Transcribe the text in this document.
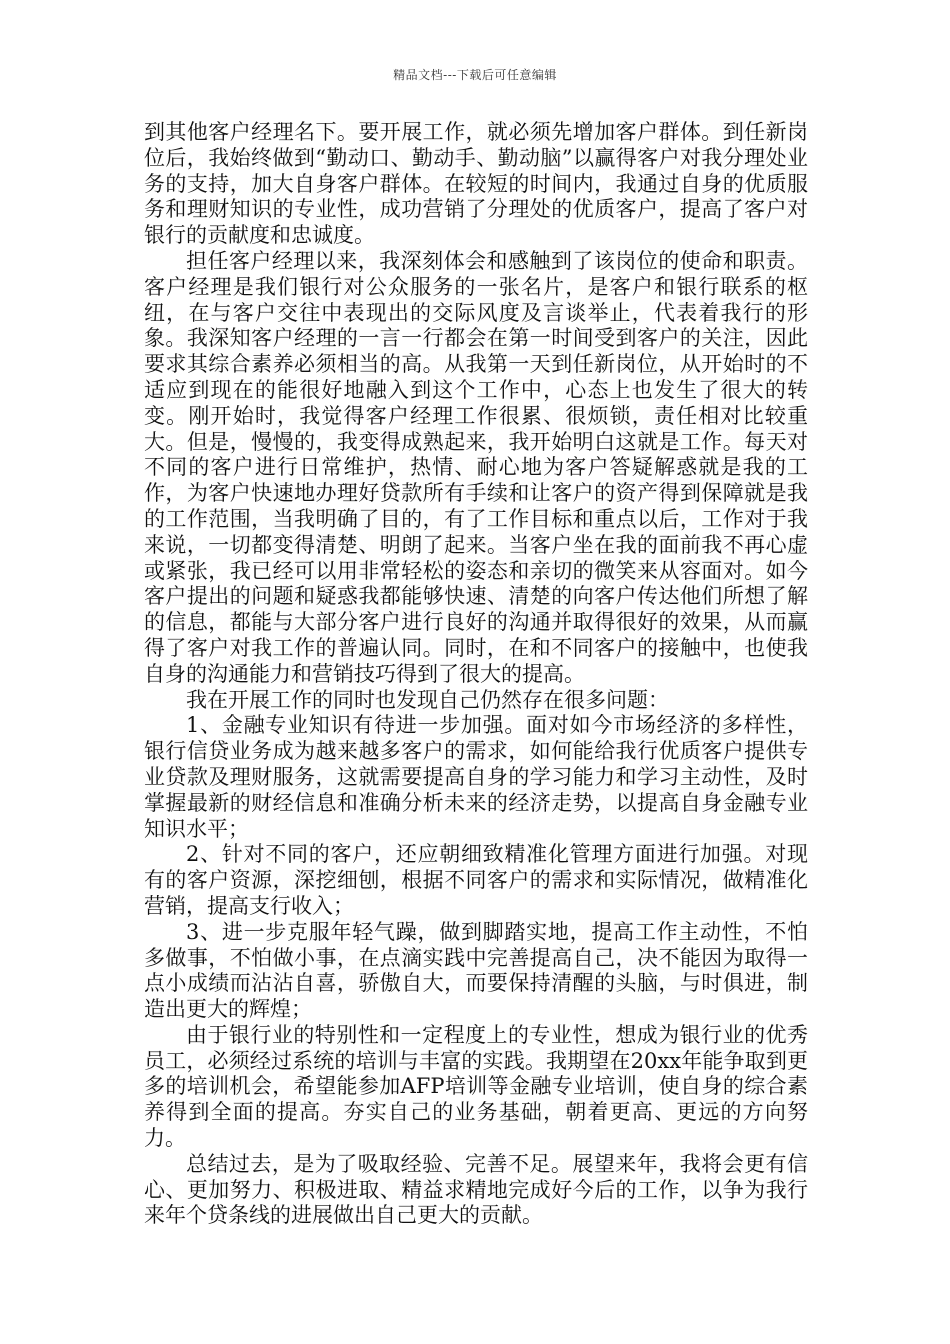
精品文档---下载后可任意编辑

到其他客户经理名下。要开展工作，就必须先增加客户群体。到任新岗位后，我始终做到“勤动口、勤动手、勤动脑”以赢得客户对我分理处业务的支持，加大自身客户群体。在较短的时间内，我通过自身的优质服务和理财知识的专业性，成功营销了分理处的优质客户，提高了客户对银行的贡献度和忠诚度。

担任客户经理以来，我深刻体会和感触到了该岗位的使命和职责。客户经理是我们银行对公众服务的一张名片，是客户和银行联系的枢纽，在与客户交往中表现出的交际风度及言谈举止，代表着我行的形象。我深知客户经理的一言一行都会在第一时间受到客户的关注，因此要求其综合素养必须相当的高。从我第一天到任新岗位，从开始时的不适应到现在的能很好地融入到这个工作中，心态上也发生了很大的转变。刚开始时，我觉得客户经理工作很累、很烦锁，责任相对比较重大。但是，慢慢的，我变得成熟起来，我开始明白这就是工作。每天对不同的客户进行日常维护，热情、耐心地为客户答疑解惑就是我的工作，为客户快速地办理好贷款所有手续和让客户的资产得到保障就是我的工作范围，当我明确了目的，有了工作目标和重点以后，工作对于我来说，一切都变得清楚、明朗了起来。当客户坐在我的面前我不再心虚或紧张，我已经可以用非常轻松的姿态和亲切的微笑来从容面对。如今客户提出的问题和疑惑我都能够快速、清楚的向客户传达他们所想了解的信息，都能与大部分客户进行良好的沟通并取得很好的效果，从而赢得了客户对我工作的普遍认同。同时，在和不同客户的接触中，也使我自身的沟通能力和营销技巧得到了很大的提高。

我在开展工作的同时也发现自己仍然存在很多问题：

1、金融专业知识有待进一步加强。面对如今市场经济的多样性，银行信贷业务成为越来越多客户的需求，如何能给我行优质客户提供专业贷款及理财服务，这就需要提高自身的学习能力和学习主动性，及时掌握最新的财经信息和准确分析未来的经济走势，以提高自身金融专业知识水平；

2、针对不同的客户，还应朝细致精准化管理方面进行加强。对现有的客户资源，深挖细刨，根据不同客户的需求和实际情况，做精准化营销，提高支行收入；

3、进一步克服年轻气躁，做到脚踏实地，提高工作主动性，不怕多做事，不怕做小事，在点滴实践中完善提高自己，决不能因为取得一点小成绩而沾沾自喜，骄傲自大，而要保持清醒的头脑，与时俱进，制造出更大的辉煌；

由于银行业的特别性和一定程度上的专业性，想成为银行业的优秀员工，必须经过系统的培训与丰富的实践。我期望在20xx年能争取到更多的培训机会，希望能参加AFP培训等金融专业培训，使自身的综合素养得到全面的提高。夯实自己的业务基础，朝着更高、更远的方向努力。

总结过去，是为了吸取经验、完善不足。展望来年，我将会更有信心、更加努力、积极进取、精益求精地完成好今后的工作，以争为我行来年个贷条线的进展做出自己更大的贡献。
